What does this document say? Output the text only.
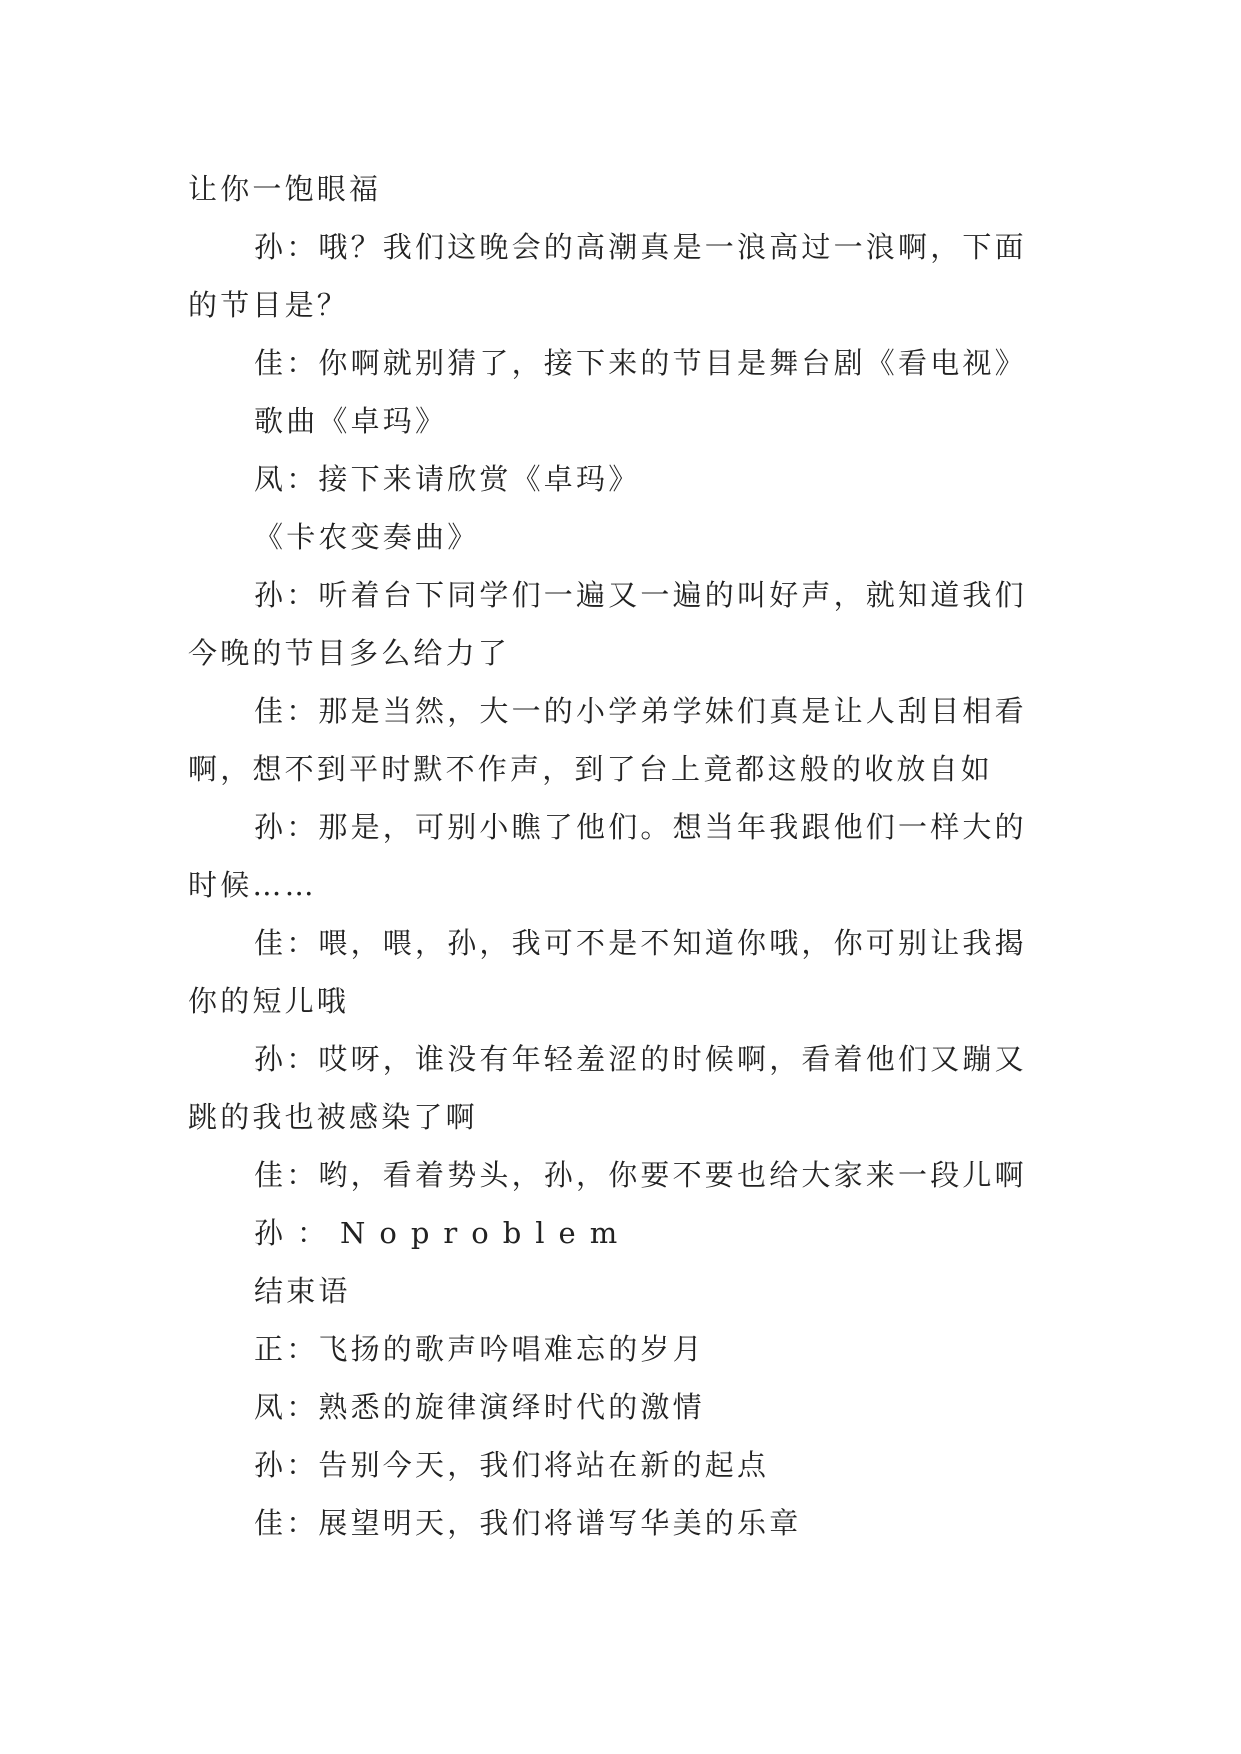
让你一饱眼福
孙：哦？我们这晚会的高潮真是一浪高过一浪啊，下面
的节目是？
佳：你啊就别猜了，接下来的节目是舞台剧《看电视》
歌曲《卓玛》
凤：接下来请欣赏《卓玛》
《卡农变奏曲》
孙：听着台下同学们一遍又一遍的叫好声，就知道我们
今晚的节目多么给力了
佳：那是当然，大一的小学弟学妹们真是让人刮目相看
啊，想不到平时默不作声，到了台上竟都这般的收放自如
孙：那是，可别小瞧了他们。想当年我跟他们一样大的
时候……
佳：喂，喂，孙，我可不是不知道你哦，你可别让我揭
你的短儿哦
孙：哎呀，谁没有年轻羞涩的时候啊，看着他们又蹦又
跳的我也被感染了啊
佳：哟，看着势头，孙，你要不要也给大家来一段儿啊
孙：Noproblem
结束语
正：飞扬的歌声吟唱难忘的岁月
凤：熟悉的旋律演绎时代的激情
孙：告别今天，我们将站在新的起点
佳：展望明天，我们将谱写华美的乐章
